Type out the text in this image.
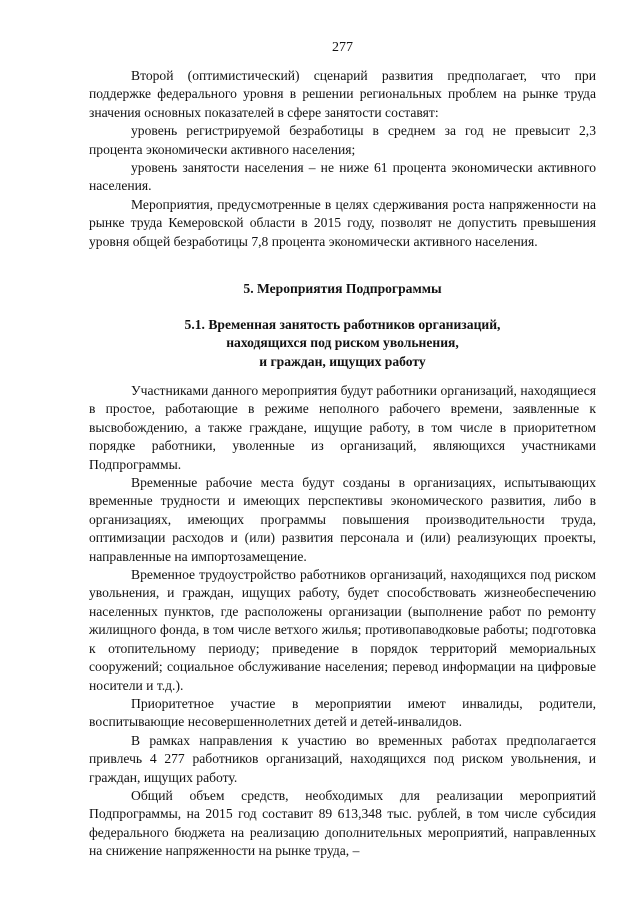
277

Второй (оптимистический) сценарий развития предполагает, что при поддержке федерального уровня в решении региональных проблем на рынке труда значения основных показателей в сфере занятости составят:

уровень регистрируемой безработицы в среднем за год не превысит 2,3 процента экономически активного населения;

уровень занятости населения – не ниже 61 процента экономически активного населения.

Мероприятия, предусмотренные в целях сдерживания роста напряженности на рынке труда Кемеровской области в 2015 году, позволят не допустить превышения уровня общей безработицы 7,8 процента экономически активного населения.

5. Мероприятия Подпрограммы

5.1. Временная занятость работников организаций,
находящихся под риском увольнения,
и граждан, ищущих работу

Участниками данного мероприятия будут работники организаций, находящиеся в простое, работающие в режиме неполного рабочего времени, заявленные к высвобождению, а также граждане, ищущие работу, в том числе в приоритетном порядке работники, уволенные из организаций, являющихся участниками Подпрограммы.

Временные рабочие места будут созданы в организациях, испытывающих временные трудности и имеющих перспективы экономического развития, либо в организациях, имеющих программы повышения производительности труда, оптимизации расходов и (или) развития персонала и (или) реализующих проекты, направленные на импортозамещение.

Временное трудоустройство работников организаций, находящихся под риском увольнения, и граждан, ищущих работу, будет способствовать жизнеобеспечению населенных пунктов, где расположены организации (выполнение работ по ремонту жилищного фонда, в том числе ветхого жилья; противопаводковые работы; подготовка к отопительному периоду; приведение в порядок территорий мемориальных сооружений; социальное обслуживание населения; перевод информации на цифровые носители и т.д.).

Приоритетное участие в мероприятии имеют инвалиды, родители, воспитывающие несовершеннолетних детей и детей-инвалидов.

В рамках направления к участию во временных работах предполагается привлечь 4 277 работников организаций, находящихся под риском увольнения, и граждан, ищущих работу.

Общий объем средств, необходимых для реализации мероприятий Подпрограммы, на 2015 год составит 89 613,348 тыс. рублей, в том числе субсидия федерального бюджета на реализацию дополнительных мероприятий, направленных на снижение напряженности на рынке труда, –
